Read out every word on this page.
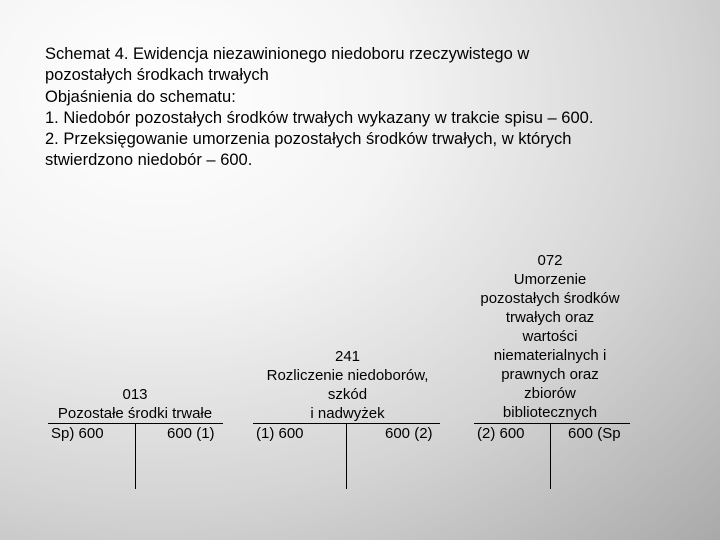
Schemat 4. Ewidencja niezawinionego niedoboru rzeczywistego w
pozostałych środkach trwałych
Objaśnienia do schematu:
1. Niedobór pozostałych środków trwałych wykazany w trakcie spisu – 600.
2. Przeksięgowanie umorzenia pozostałych środków trwałych, w których
stwierdzono niedobór – 600.
013
Pozostałe środki trwałe
Sp) 600	600 (1)
241
Rozliczenie niedoborów,
szkód
i nadwyżek
(1) 600	600 (2)
072
Umorzenie
pozostałych środków
trwałych oraz
wartości
niematerialnych i
prawnych oraz
zbiorów
bibliotecznych
(2) 600	600 (Sp
